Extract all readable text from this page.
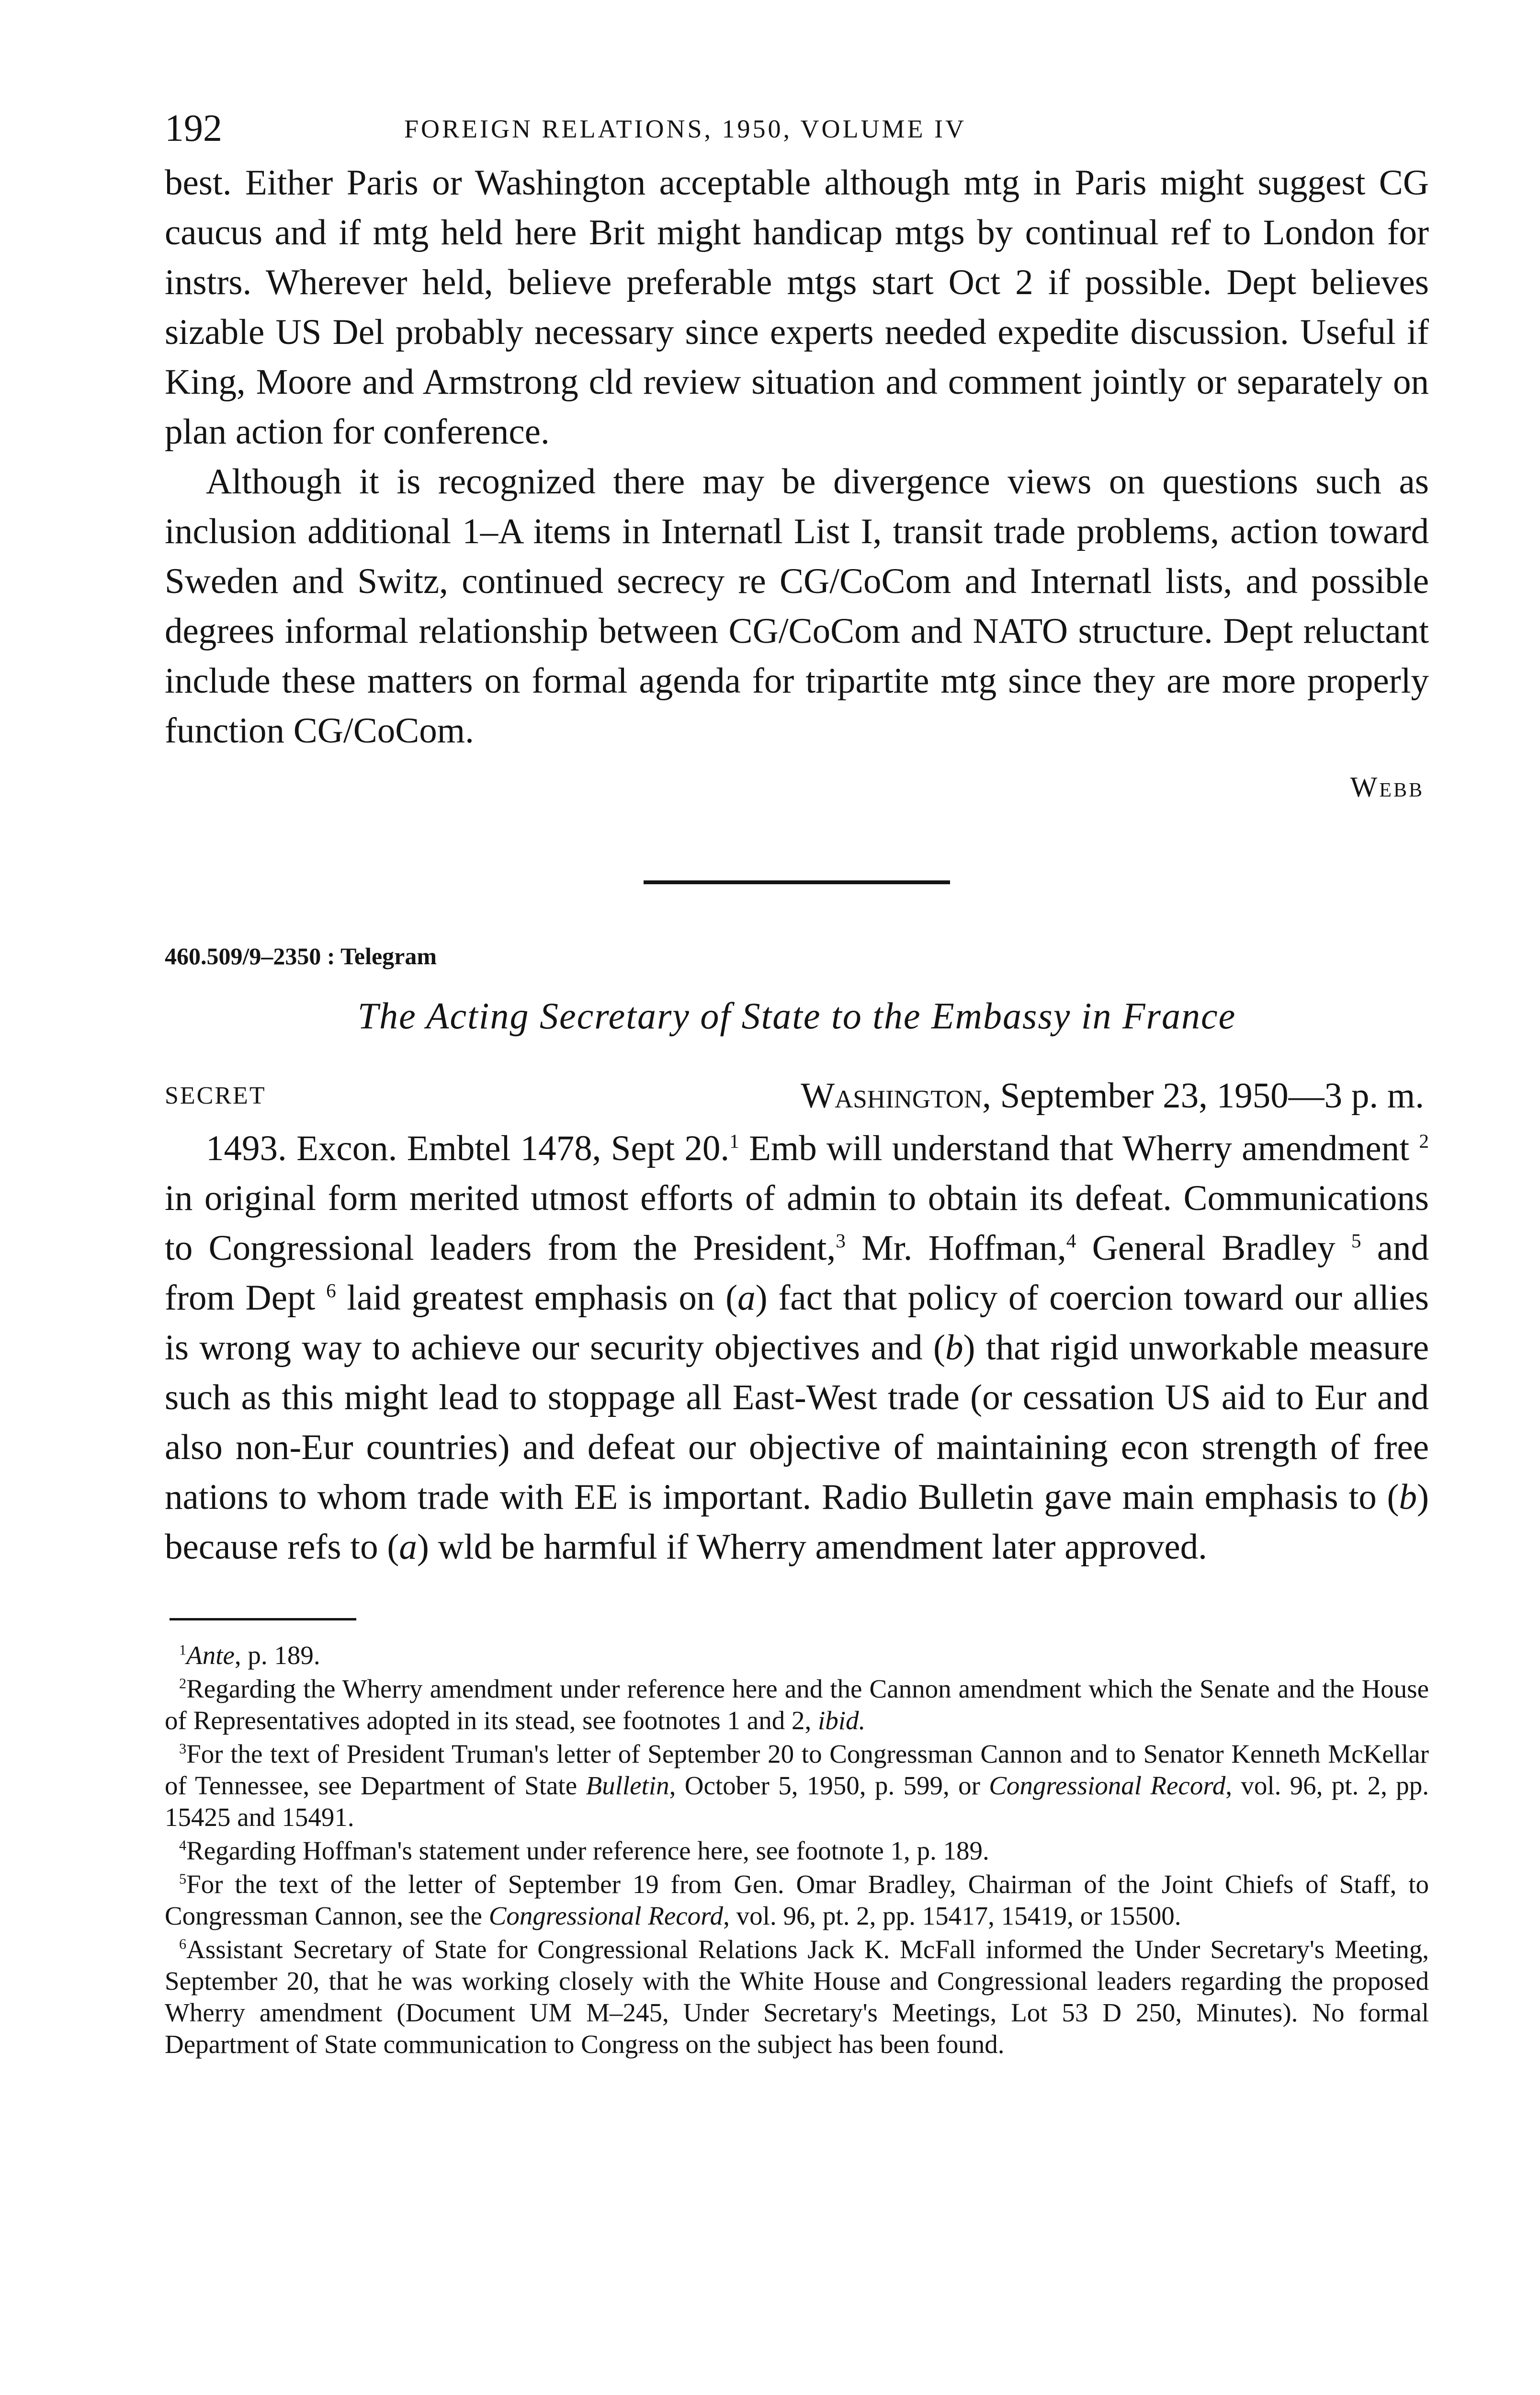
192	FOREIGN RELATIONS, 1950, VOLUME IV

best. Either Paris or Washington acceptable although mtg in Paris might suggest CG caucus and if mtg held here Brit might handicap mtgs by continual ref to London for instrs. Wherever held, believe preferable mtgs start Oct 2 if possible. Dept believes sizable US Del probably necessary since experts needed expedite discussion. Useful if King, Moore and Armstrong cld review situation and comment jointly or separately on plan action for conference.

Although it is recognized there may be divergence views on questions such as inclusion additional 1–A items in Internatl List I, transit trade problems, action toward Sweden and Switz, continued secrecy re CG/CoCom and Internatl lists, and possible degrees informal relationship between CG/CoCom and NATO structure. Dept reluctant include these matters on formal agenda for tripartite mtg since they are more properly function CG/CoCom.

Webb
460.509/9–2350 : Telegram
The Acting Secretary of State to the Embassy in France
SECRET	Washington, September 23, 1950—3 p. m.

1493. Excon. Embtel 1478, Sept 20.$^1$ Emb will understand that Wherry amendment $^2$ in original form merited utmost efforts of admin to obtain its defeat. Communications to Congressional leaders from the President,$^3$ Mr. Hoffman,$^4$ General Bradley $^5$ and from Dept $^6$ laid greatest emphasis on (a) fact that policy of coercion toward our allies is wrong way to achieve our security objectives and (b) that rigid unworkable measure such as this might lead to stoppage all East-West trade (or cessation US aid to Eur and also non-Eur countries) and defeat our objective of maintaining econ strength of free nations to whom trade with EE is important. Radio Bulletin gave main emphasis to (b) because refs to (a) wld be harmful if Wherry amendment later approved.

$^1$Ante, p. 189.

$^2$Regarding the Wherry amendment under reference here and the Cannon amendment which the Senate and the House of Representatives adopted in its stead, see footnotes 1 and 2, ibid.

$^3$For the text of President Truman's letter of September 20 to Congressman Cannon and to Senator Kenneth McKellar of Tennessee, see Department of State Bulletin, October 5, 1950, p. 599, or Congressional Record, vol. 96, pt. 2, pp. 15425 and 15491.

$^4$Regarding Hoffman's statement under reference here, see footnote 1, p. 189.

$^5$For the text of the letter of September 19 from Gen. Omar Bradley, Chairman of the Joint Chiefs of Staff, to Congressman Cannon, see the Congressional Record, vol. 96, pt. 2, pp. 15417, 15419, or 15500.

$^6$Assistant Secretary of State for Congressional Relations Jack K. McFall informed the Under Secretary's Meeting, September 20, that he was working closely with the White House and Congressional leaders regarding the proposed Wherry amendment (Document UM M–245, Under Secretary's Meetings, Lot 53 D 250, Minutes). No formal Department of State communication to Congress on the subject has been found.
